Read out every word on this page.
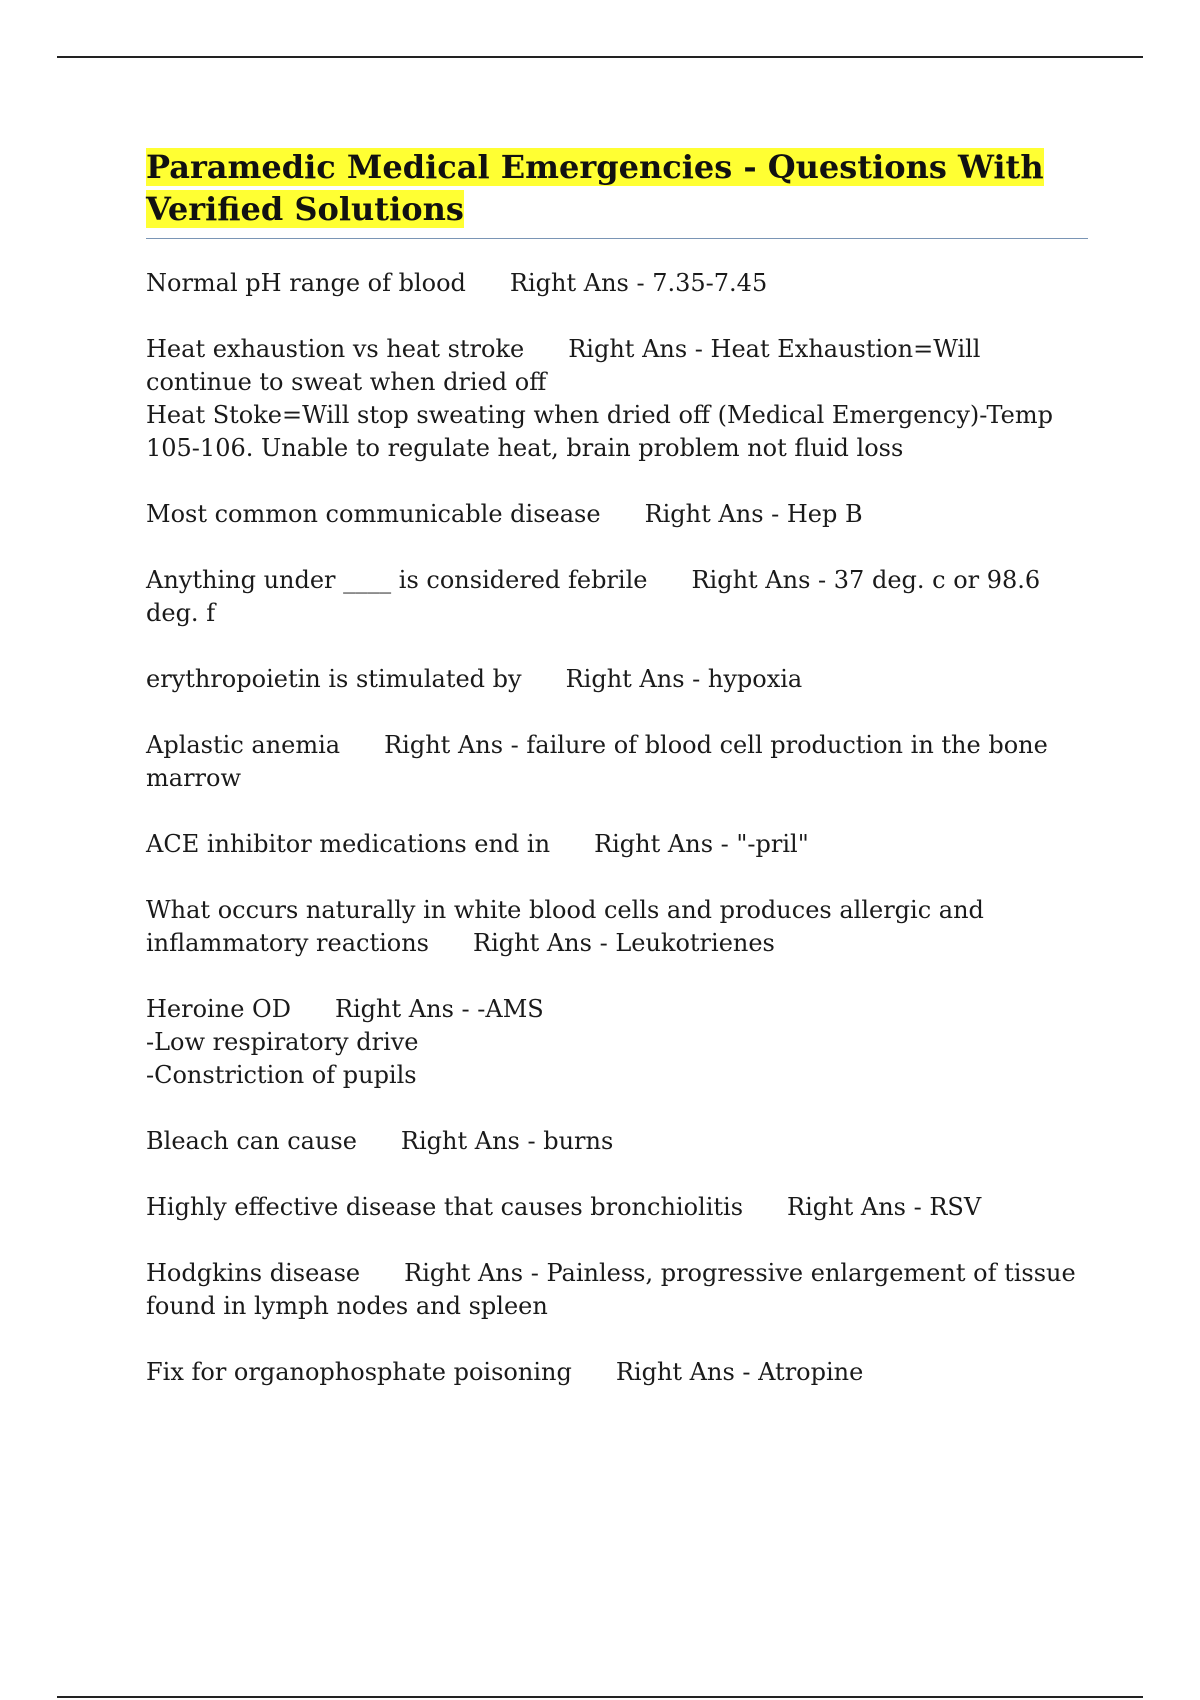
Paramedic Medical Emergencies - Questions With Verified Solutions

Normal pH range of blood Right Ans - 7.35-7.45

Heat exhaustion vs heat stroke Right Ans - Heat Exhaustion=Will continue to sweat when dried off
Heat Stoke=Will stop sweating when dried off (Medical Emergency)-Temp 105-106. Unable to regulate heat, brain problem not fluid loss

Most common communicable disease Right Ans - Hep B

Anything under ____ is considered febrile Right Ans - 37 deg. c or 98.6 deg. f

erythropoietin is stimulated by Right Ans - hypoxia

Aplastic anemia Right Ans - failure of blood cell production in the bone marrow

ACE inhibitor medications end in Right Ans - "-pril"

What occurs naturally in white blood cells and produces allergic and inflammatory reactions Right Ans - Leukotrienes

Heroine OD Right Ans - -AMS
-Low respiratory drive
-Constriction of pupils

Bleach can cause Right Ans - burns

Highly effective disease that causes bronchiolitis Right Ans - RSV

Hodgkins disease Right Ans - Painless, progressive enlargement of tissue found in lymph nodes and spleen

Fix for organophosphate poisoning Right Ans - Atropine
